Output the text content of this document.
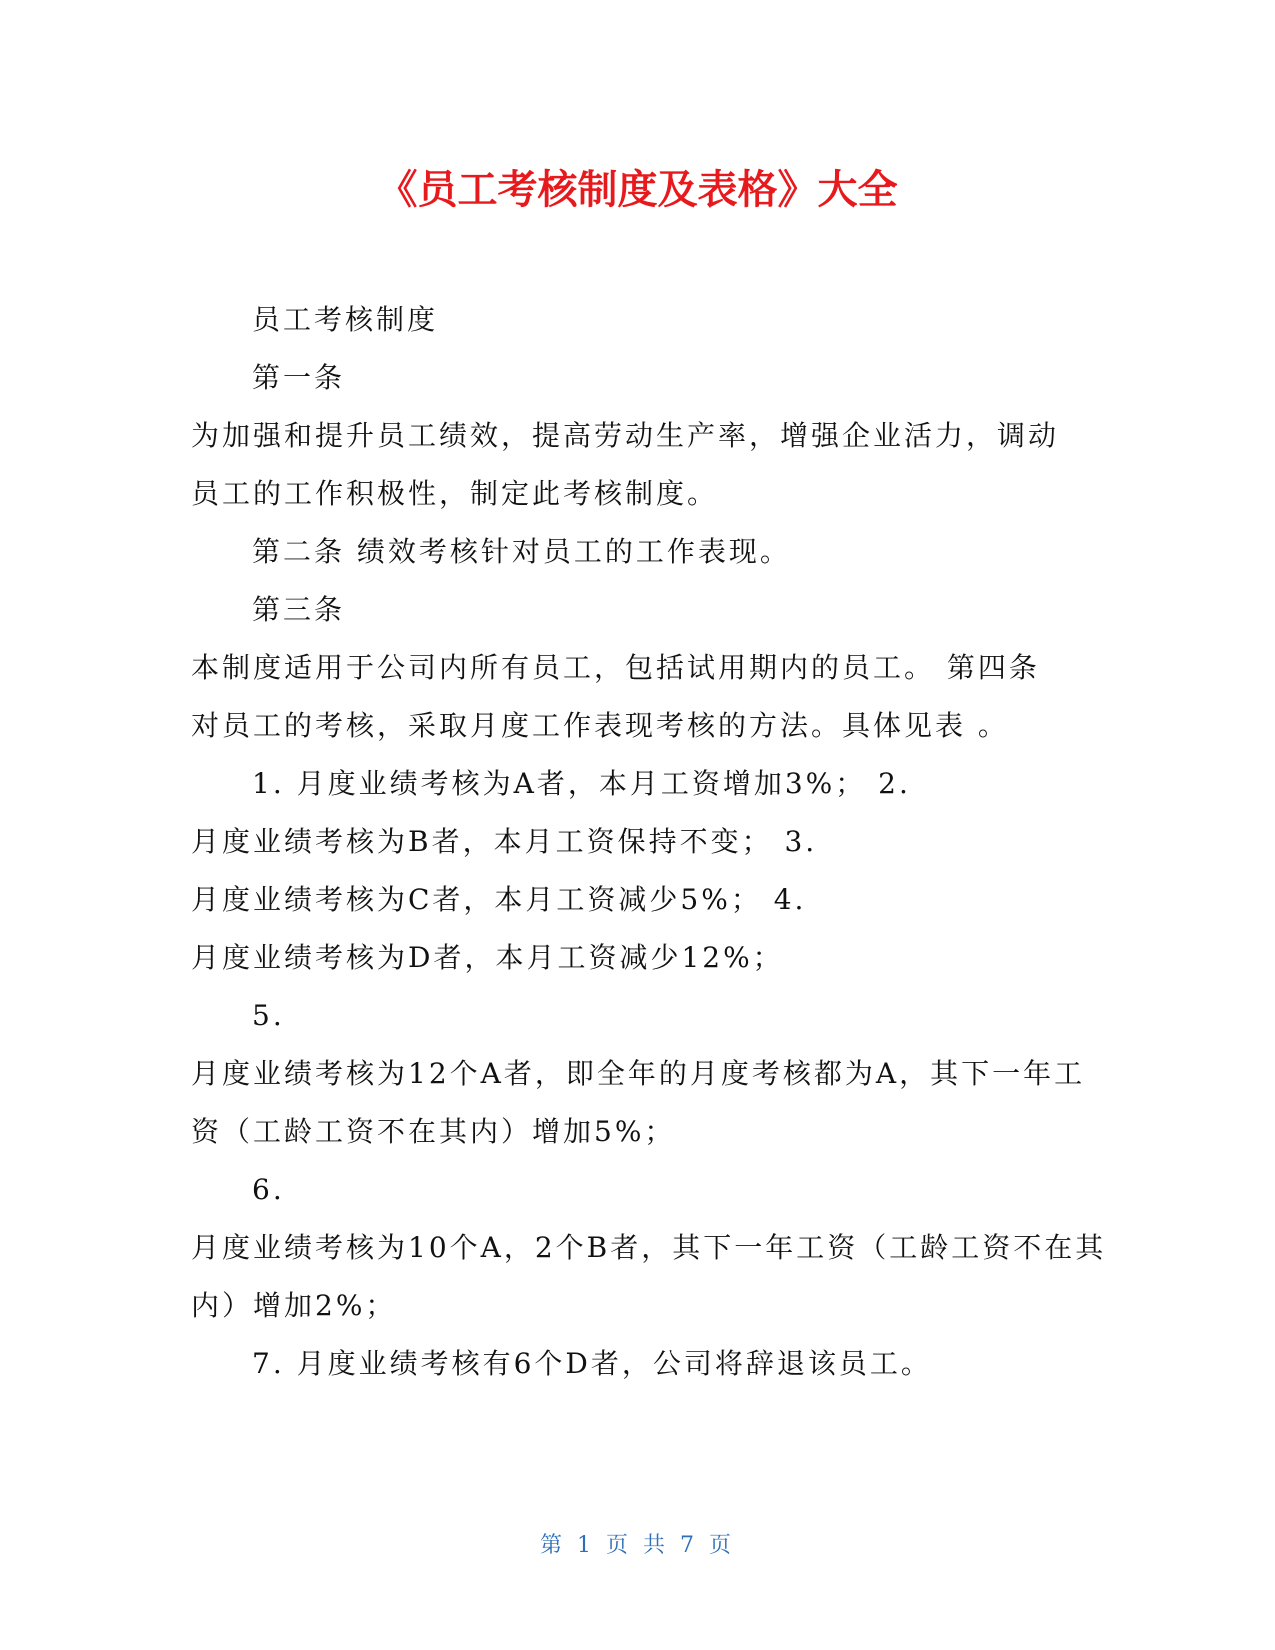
《员工考核制度及表格》大全
员工考核制度
第一条
为加强和提升员工绩效，提高劳动生产率，增强企业活力，调动
员工的工作积极性，制定此考核制度。
第二条 绩效考核针对员工的工作表现。
第三条
本制度适用于公司内所有员工，包括试用期内的员工。 第四条
对员工的考核，采取月度工作表现考核的方法。具体见表 。
1. 月度业绩考核为A者，本月工资增加3%； 2.
月度业绩考核为B者，本月工资保持不变； 3.
月度业绩考核为C者，本月工资减少5%； 4.
月度业绩考核为D者，本月工资减少12%；
5.
月度业绩考核为12个A者，即全年的月度考核都为A，其下一年工
资（工龄工资不在其内）增加5%；
6.
月度业绩考核为10个A，2个B者，其下一年工资（工龄工资不在其
内）增加2%；
7. 月度业绩考核有6个D者，公司将辞退该员工。
第 1 页 共 7 页
